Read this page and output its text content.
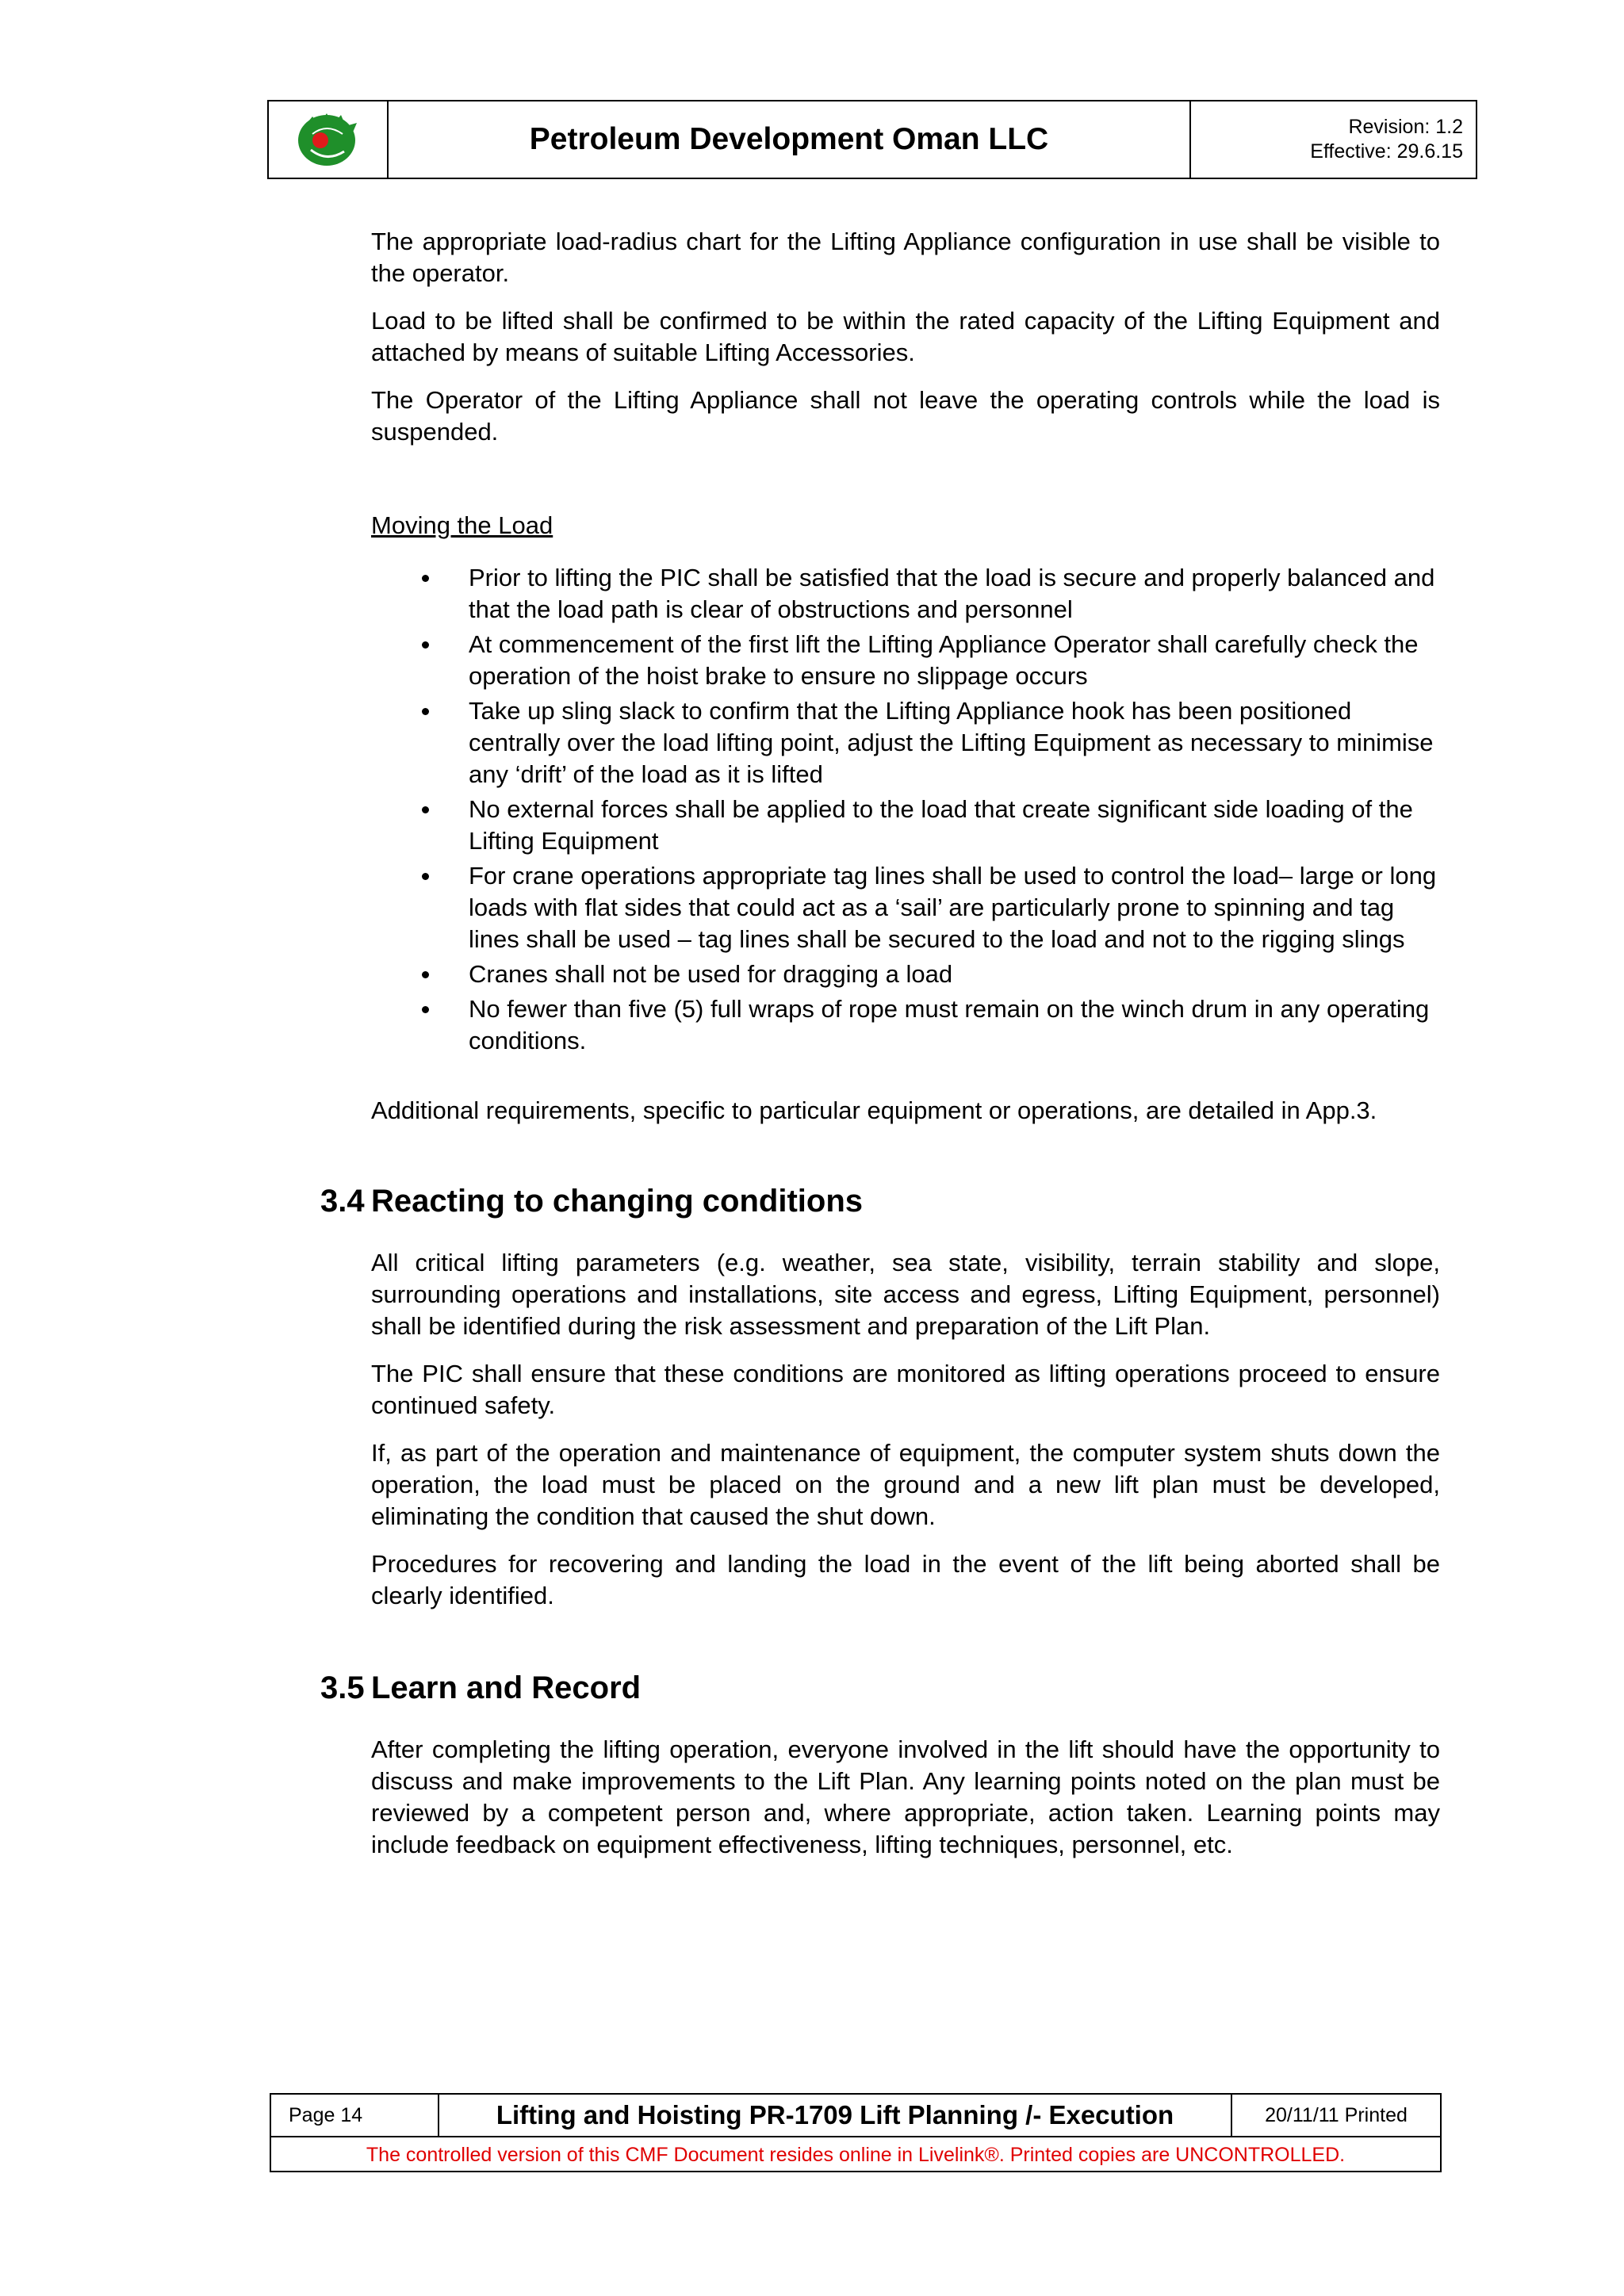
Petroleum Development Oman LLC	Revision: 1.2
Effective: 29.6.15

The appropriate load-radius chart for the Lifting Appliance configuration in use shall be visible to the operator.

Load to be lifted shall be confirmed to be within the rated capacity of the Lifting Equipment and attached by means of suitable Lifting Accessories.

The Operator of the Lifting Appliance shall not leave the operating controls while the load is suspended.

Moving the Load

Prior to lifting the PIC shall be satisfied that the load is secure and properly balanced and that the load path is clear of obstructions and personnel
At commencement of the first lift the Lifting Appliance Operator shall carefully check the operation of the hoist brake to ensure no slippage occurs
Take up sling slack to confirm that the Lifting Appliance hook has been positioned centrally over the load lifting point, adjust the Lifting Equipment as necessary to minimise any ‘drift’ of the load as it is lifted
No external forces shall be applied to the load that create significant side loading of the Lifting Equipment
For crane operations appropriate tag lines shall be used to control the load– large or long loads with flat sides that could act as a ‘sail’ are particularly prone to spinning and tag lines shall be used – tag lines shall be secured to the load and not to the rigging slings
Cranes shall not be used for dragging a load
No fewer than five (5) full wraps of rope must remain on the winch drum in any operating conditions.

Additional requirements, specific to particular equipment or operations, are detailed in App.3.

3.4 Reacting to changing conditions

All critical lifting parameters (e.g. weather, sea state, visibility, terrain stability and slope, surrounding operations and installations, site access and egress, Lifting Equipment, personnel) shall be identified during the risk assessment and preparation of the Lift Plan.

The PIC shall ensure that these conditions are monitored as lifting operations proceed to ensure continued safety.

If, as part of the operation and maintenance of equipment, the computer system shuts down the operation, the load must be placed on the ground and a new lift plan must be developed, eliminating the condition that caused the shut down.

Procedures for recovering and landing the load in the event of the lift being aborted shall be clearly identified.

3.5 Learn and Record

After completing the lifting operation, everyone involved in the lift should have the opportunity to discuss and make improvements to the Lift Plan. Any learning points noted on the plan must be reviewed by a competent person and, where appropriate, action taken. Learning points may include feedback on equipment effectiveness, lifting techniques, personnel, etc.

Page 14	Lifting and Hoisting PR-1709 Lift Planning /- Execution	20/11/11 Printed
The controlled version of this CMF Document resides online in Livelink®. Printed copies are UNCONTROLLED.
